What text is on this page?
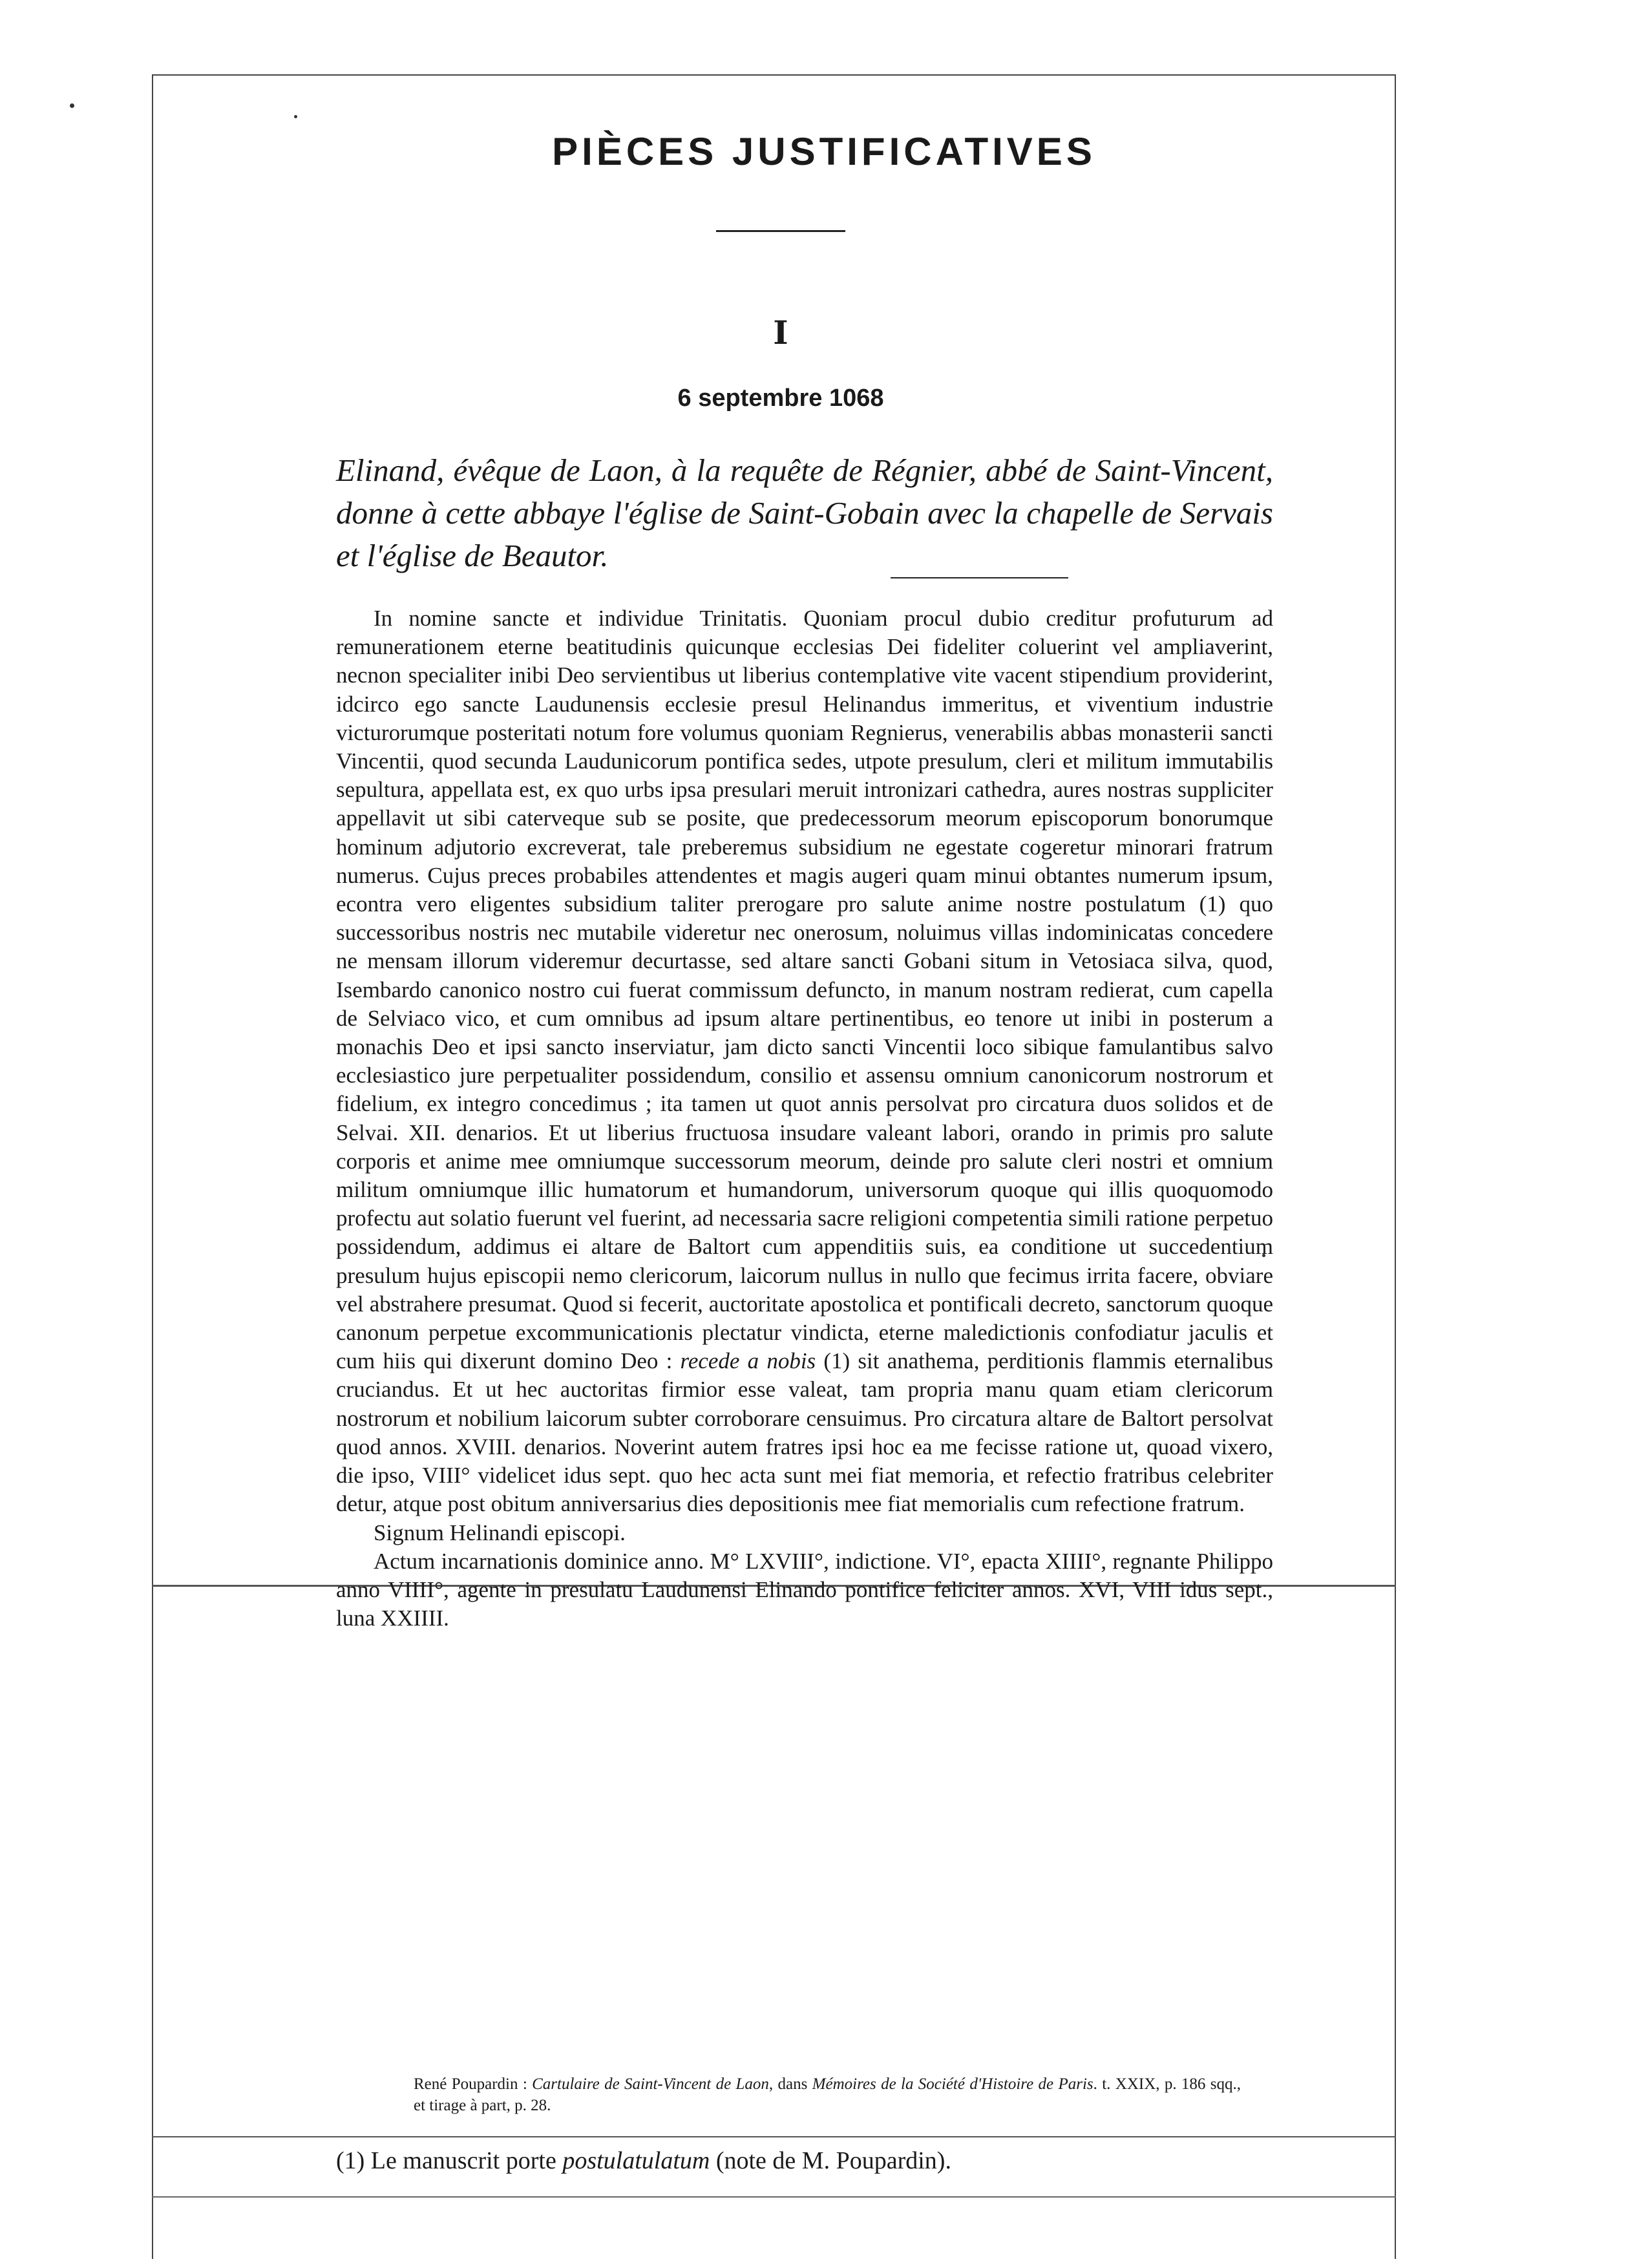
PIÈCES JUSTIFICATIVES
I
6 septembre 1068

Elinand, évêque de Laon, à la requête de Régnier, abbé de Saint-Vincent, donne à cette abbaye l'église de Saint-Gobain avec la chapelle de Servais et l'église de Beautor.

In nomine sancte et individue Trinitatis. Quoniam procul dubio creditur profuturum ad remunerationem eterne beatitudinis quicunque ecclesias Dei fideliter coluerint vel ampliaverint, necnon specialiter inibi Deo servientibus ut liberius contemplative vite vacent stipendium providerint, idcirco ego sancte Laudunensis ecclesie presul Helinandus immeritus, et viventium industrie victurorumque posteritati notum fore volumus quoniam Regnierus, venerabilis abbas monasterii sancti Vincentii, quod secunda Laudunicorum pontifica sedes, utpote presulum, cleri et militum immutabilis sepultura, appellata est, ex quo urbs ipsa presulari meruit intronizari cathedra, aures nostras suppliciter appellavit ut sibi caterveque sub se posite, que predecessorum meorum episcoporum bonorumque hominum adjutorio excreverat, tale preberemus subsidium ne egestate cogeretur minorari fratrum numerus. Cujus preces probabiles attendentes et magis augeri quam minui obtantes numerum ipsum, econtra vero eligentes subsidium taliter prerogare pro salute anime nostre postulatum (1) quo successoribus nostris nec mutabile videretur nec onerosum, noluimus villas indominicatas concedere ne mensam illorum videremur decurtasse, sed altare sancti Gobani situm in Vetosiaca silva, quod, Isembardo canonico nostro cui fuerat commissum defuncto, in manum nostram redierat, cum capella de Selviaco vico, et cum omnibus ad ipsum altare pertinentibus, eo tenore ut inibi in posterum a monachis Deo et ipsi sancto inserviatur, jam dicto sancti Vincentii loco sibique famulantibus salvo ecclesiastico jure perpetualiter possidendum, consilio et assensu omnium canonicorum nostrorum et fidelium, ex integro concedimus ; ita tamen ut quot annis persolvat pro circatura duos solidos et de Selvai. XII. denarios. Et ut liberius fructuosa insudare valeant labori, orando in primis pro salute corporis et anime mee omniumque successorum meorum, deinde pro salute cleri nostri et omnium militum omniumque illic humatorum et humandorum, universorum quoque qui illis quoquomodo profectu aut solatio fuerunt vel fuerint, ad necessaria sacre religioni competentia simili ratione perpetuo possidendum, addimus ei altare de Baltort cum appenditiis suis, ea conditione ut succedentium presulum hujus episcopii nemo clericorum, laicorum nullus in nullo que fecimus irrita facere, obviare vel abstrahere presumat. Quod si fecerit, auctoritate apostolica et pontificali decreto, sanctorum quoque canonum perpetue excommunicationis plectatur vindicta, eterne maledictionis confodiatur jaculis et cum hiis qui dixerunt domino Deo : recede a nobis (1) sit anathema, perditionis flammis eternalibus cruciandus. Et ut hec auctoritas firmior esse valeat, tam propria manu quam etiam clericorum nostrorum et nobilium laicorum subter corroborare censuimus. Pro circatura altare de Baltort persolvat quod annos. XVIII. denarios. Noverint autem fratres ipsi hoc ea me fecisse ratione ut, quoad vixero, die ipso, VIII° videlicet idus sept. quo hec acta sunt mei fiat memoria, et refectio fratribus celebriter detur, atque post obitum anniversarius dies depositionis mee fiat memorialis cum refectione fratrum.

Signum Helinandi episcopi.

Actum incarnationis dominice anno. M° LXVIII°, indictione. VI°, epacta XIIII°, regnante Philippo anno VIIII°, agente in presulatu Laudunensi Elinando pontifice feliciter annos. XVI, VIII idus sept., luna XXIIII.

René Poupardin : Cartulaire de Saint-Vincent de Laon, dans Mémoires de la Société d'Histoire de Paris. t. XXIX, p. 186 sqq., et tirage à part, p. 28.
(1) Le manuscrit porte postulatulatum (note de M. Poupardin).
